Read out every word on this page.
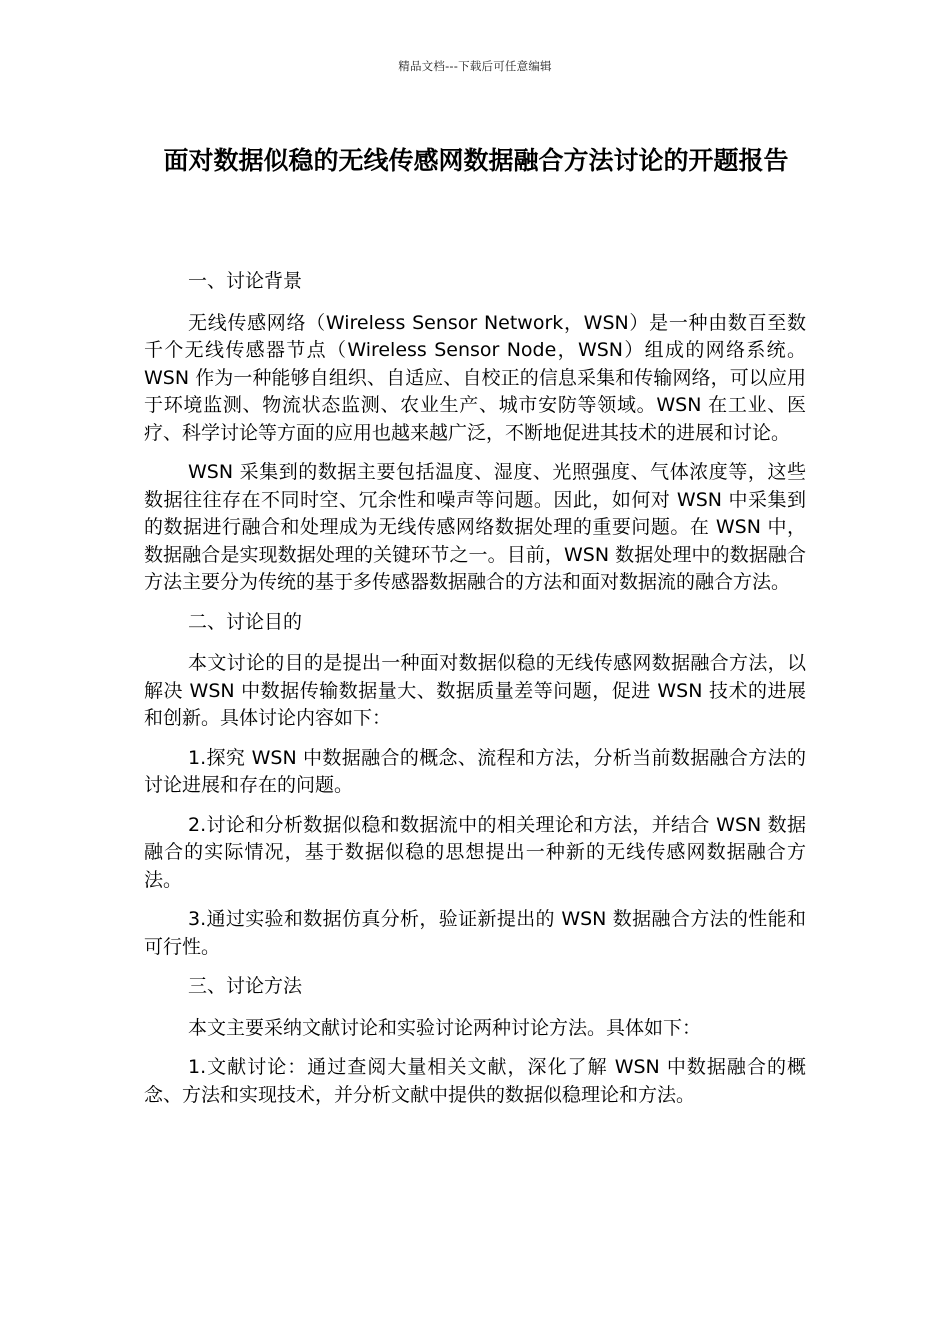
精品文档---下载后可任意编辑
面对数据似稳的无线传感网数据融合方法讨论的开题报告

一、讨论背景

无线传感网络（Wireless Sensor Network，WSN）是一种由数百至数千个无线传感器节点（Wireless Sensor Node，WSN）组成的网络系统。WSN 作为一种能够自组织、自适应、自校正的信息采集和传输网络，可以应用于环境监测、物流状态监测、农业生产、城市安防等领域。WSN 在工业、医疗、科学讨论等方面的应用也越来越广泛，不断地促进其技术的进展和讨论。

WSN 采集到的数据主要包括温度、湿度、光照强度、气体浓度等，这些数据往往存在不同时空、冗余性和噪声等问题。因此，如何对 WSN 中采集到的数据进行融合和处理成为无线传感网络数据处理的重要问题。在 WSN 中，数据融合是实现数据处理的关键环节之一。目前，WSN 数据处理中的数据融合方法主要分为传统的基于多传感器数据融合的方法和面对数据流的融合方法。

二、讨论目的

本文讨论的目的是提出一种面对数据似稳的无线传感网数据融合方法，以解决 WSN 中数据传输数据量大、数据质量差等问题，促进 WSN 技术的进展和创新。具体讨论内容如下：

1.探究 WSN 中数据融合的概念、流程和方法，分析当前数据融合方法的讨论进展和存在的问题。

2.讨论和分析数据似稳和数据流中的相关理论和方法，并结合 WSN 数据融合的实际情况，基于数据似稳的思想提出一种新的无线传感网数据融合方法。

3.通过实验和数据仿真分析，验证新提出的 WSN 数据融合方法的性能和可行性。

三、讨论方法

本文主要采纳文献讨论和实验讨论两种讨论方法。具体如下：

1.文献讨论：通过查阅大量相关文献，深化了解 WSN 中数据融合的概念、方法和实现技术，并分析文献中提供的数据似稳理论和方法。
